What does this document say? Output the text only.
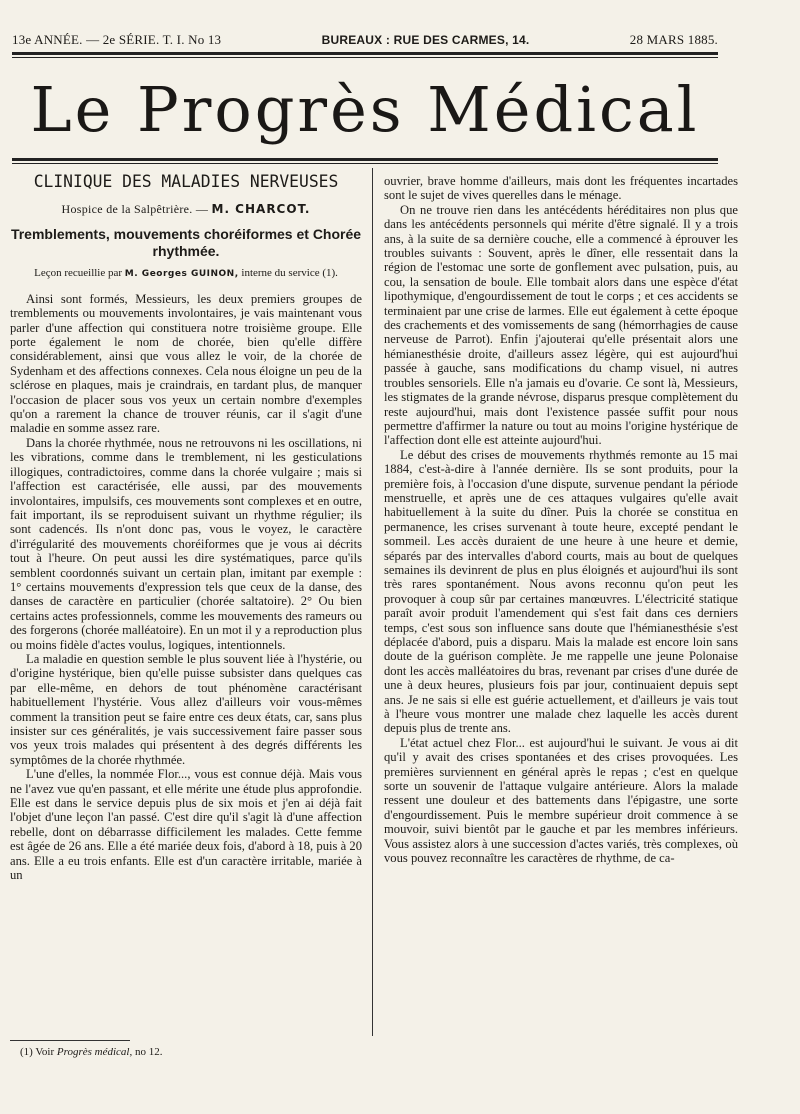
13e ANNÉE. — 2e SÉRIE. T. I. No 13	BUREAUX : RUE DES CARMES, 14.	28 MARS 1885.
Le Progrès Médical
CLINIQUE DES MALADIES NERVEUSES
Hospice de la Salpêtrière. — M. CHARCOT.
Tremblements, mouvements choréiformes et Chorée rhythmée.
Leçon recueillie par M. Georges GUINON, interne du service (1).

Ainsi sont formés, Messieurs, les deux premiers groupes de tremblements ou mouvements involontaires, je vais maintenant vous parler d'une affection qui constituera notre troisième groupe. Elle porte également le nom de chorée, bien qu'elle diffère considérablement, ainsi que vous allez le voir, de la chorée de Sydenham et des affections connexes. Cela nous éloigne un peu de la sclérose en plaques, mais je craindrais, en tardant plus, de manquer l'occasion de placer sous vos yeux un certain nombre d'exemples qu'on a rarement la chance de trouver réunis, car il s'agit d'une maladie en somme assez rare.

Dans la chorée rhythmée, nous ne retrouvons ni les oscillations, ni les vibrations, comme dans le tremblement, ni les gesticulations illogiques, contradictoires, comme dans la chorée vulgaire ; mais si l'affection est caractérisée, elle aussi, par des mouvements involontaires, impulsifs, ces mouvements sont complexes et en outre, fait important, ils se reproduisent suivant un rhythme régulier; ils sont cadencés. Ils n'ont donc pas, vous le voyez, le caractère d'irrégularité des mouvements choréiformes que je vous ai décrits tout à l'heure. On peut aussi les dire systématiques, parce qu'ils semblent coordonnés suivant un certain plan, imitant par exemple : 1° certains mouvements d'expression tels que ceux de la danse, des danses de caractère en particulier (chorée saltatoire). 2° Ou bien certains actes professionnels, comme les mouvements des rameurs ou des forgerons (chorée malléatoire). En un mot il y a reproduction plus ou moins fidèle d'actes voulus, logiques, intentionnels.

La maladie en question semble le plus souvent liée à l'hystérie, ou d'origine hystérique, bien qu'elle puisse subsister dans quelques cas par elle-même, en dehors de tout phénomène caractérisant habituellement l'hystérie. Vous allez d'ailleurs voir vous-mêmes comment la transition peut se faire entre ces deux états, car, sans plus insister sur ces généralités, je vais successivement faire passer sous vos yeux trois malades qui présentent à des degrés différents les symptômes de la chorée rhythmée.

L'une d'elles, la nommée Flor..., vous est connue déjà. Mais vous ne l'avez vue qu'en passant, et elle mérite une étude plus approfondie. Elle est dans le service depuis plus de six mois et j'en ai déjà fait l'objet d'une leçon l'an passé. C'est dire qu'il s'agit là d'une affection rebelle, dont on débarrasse difficilement les malades. Cette femme est âgée de 26 ans. Elle a été mariée deux fois, d'abord à 18, puis à 20 ans. Elle a eu trois enfants. Elle est d'un caractère irritable, mariée à un

ouvrier, brave homme d'ailleurs, mais dont les fréquentes incartades sont le sujet de vives querelles dans le ménage.

On ne trouve rien dans les antécédents héréditaires non plus que dans les antécédents personnels qui mérite d'être signalé. Il y a trois ans, à la suite de sa dernière couche, elle a commencé à éprouver les troubles suivants : Souvent, après le dîner, elle ressentait dans la région de l'estomac une sorte de gonflement avec pulsation, puis, au cou, la sensation de boule. Elle tombait alors dans une espèce d'état lipothymique, d'engourdissement de tout le corps ; et ces accidents se terminaient par une crise de larmes. Elle eut également à cette époque des crachements et des vomissements de sang (hémorrhagies de cause nerveuse de Parrot). Enfin j'ajouterai qu'elle présentait alors une hémianesthésie droite, d'ailleurs assez légère, qui est aujourd'hui passée à gauche, sans modifications du champ visuel, ni autres troubles sensoriels. Elle n'a jamais eu d'ovarie. Ce sont là, Messieurs, les stigmates de la grande névrose, disparus presque complètement du reste aujourd'hui, mais dont l'existence passée suffit pour nous permettre d'affirmer la nature ou tout au moins l'origine hystérique de l'affection dont elle est atteinte aujourd'hui.

Le début des crises de mouvements rhythmés remonte au 15 mai 1884, c'est-à-dire à l'année dernière. Ils se sont produits, pour la première fois, à l'occasion d'une dispute, survenue pendant la période menstruelle, et après une de ces attaques vulgaires qu'elle avait habituellement à la suite du dîner. Puis la chorée se constitua en permanence, les crises survenant à toute heure, excepté pendant le sommeil. Les accès duraient de une heure à une heure et demie, séparés par des intervalles d'abord courts, mais au bout de quelques semaines ils devinrent de plus en plus éloignés et aujourd'hui ils sont très rares spontanément. Nous avons reconnu qu'on peut les provoquer à coup sûr par certaines manœuvres. L'électricité statique paraît avoir produit l'amendement qui s'est fait dans ces derniers temps, c'est sous son influence sans doute que l'hémianesthésie s'est déplacée d'abord, puis a disparu. Mais la malade est encore loin sans doute de la guérison complète. Je me rappelle une jeune Polonaise dont les accès malléatoires du bras, revenant par crises d'une durée de une à deux heures, plusieurs fois par jour, continuaient depuis sept ans. Je ne sais si elle est guérie actuellement, et d'ailleurs je vais tout à l'heure vous montrer une malade chez laquelle les accès durent depuis plus de trente ans.

L'état actuel chez Flor... est aujourd'hui le suivant. Je vous ai dit qu'il y avait des crises spontanées et des crises provoquées. Les premières surviennent en général après le repas ; c'est en quelque sorte un souvenir de l'attaque vulgaire antérieure. Alors la malade ressent une douleur et des battements dans l'épigastre, une sorte d'engourdissement. Puis le membre supérieur droit commence à se mouvoir, suivi bientôt par le gauche et par les membres inférieurs. Vous assistez alors à une succession d'actes variés, très complexes, où vous pouvez reconnaître les caractères de rhythme, de ca-

(1) Voir Progrès médical, no 12.
